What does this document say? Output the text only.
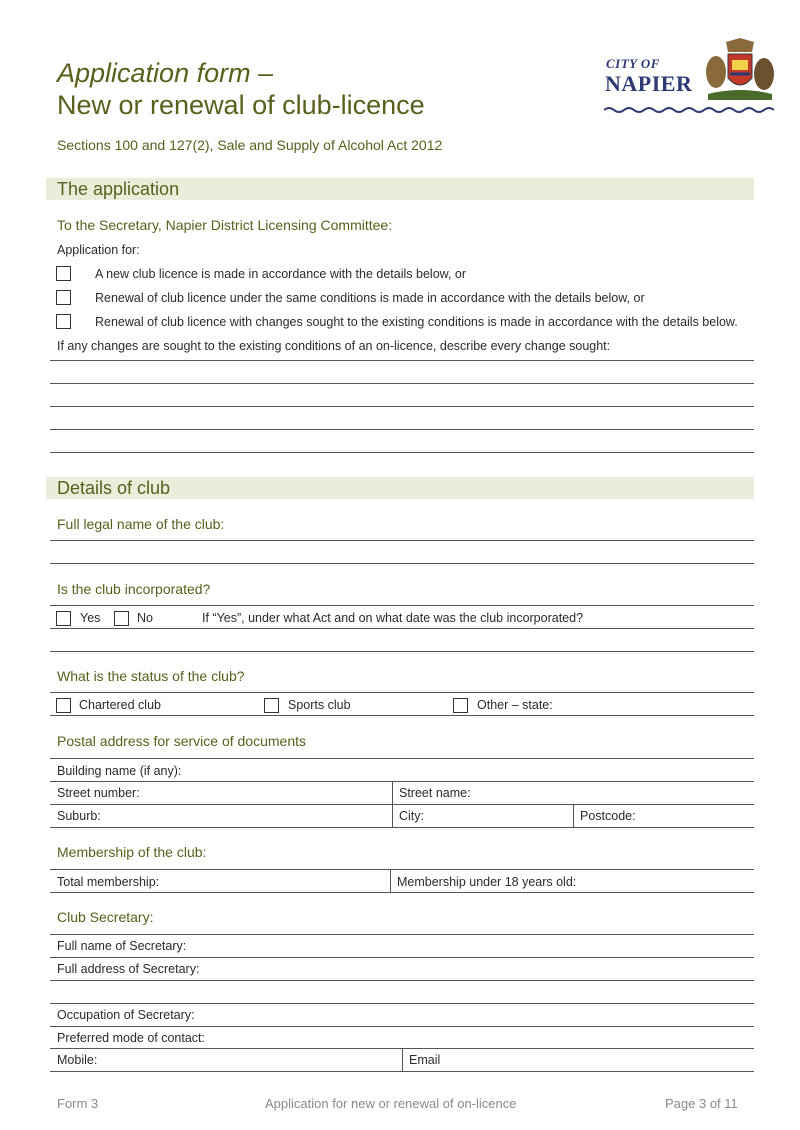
Application form –
New or renewal of club-licence
Sections 100 and 127(2), Sale and Supply of Alcohol Act 2012
CITY OF
NAPIER
The application
To the Secretary, Napier District Licensing Committee:
Application for:
A new club licence is made in accordance with the details below, or
Renewal of club licence under the same conditions is made in accordance with the details below, or
Renewal of club licence with changes sought to the existing conditions is made in accordance with the details below.
If any changes are sought to the existing conditions of an on-licence, describe every change sought:
Details of club
Full legal name of the club:
Is the club incorporated?
Yes	No	If “Yes”, under what Act and on what date was the club incorporated?
What is the status of the club?
Chartered club	Sports club	Other – state:
Postal address for service of documents
Building name (if any):
Street number:	Street name:
Suburb:	City:	Postcode:
Membership of the club:
Total membership:	Membership under 18 years old:
Club Secretary:
Full name of Secretary:
Full address of Secretary:
Occupation of Secretary:
Preferred mode of contact:
Mobile:	Email
Form 3	Application for new or renewal of on-licence	Page 3 of 11
